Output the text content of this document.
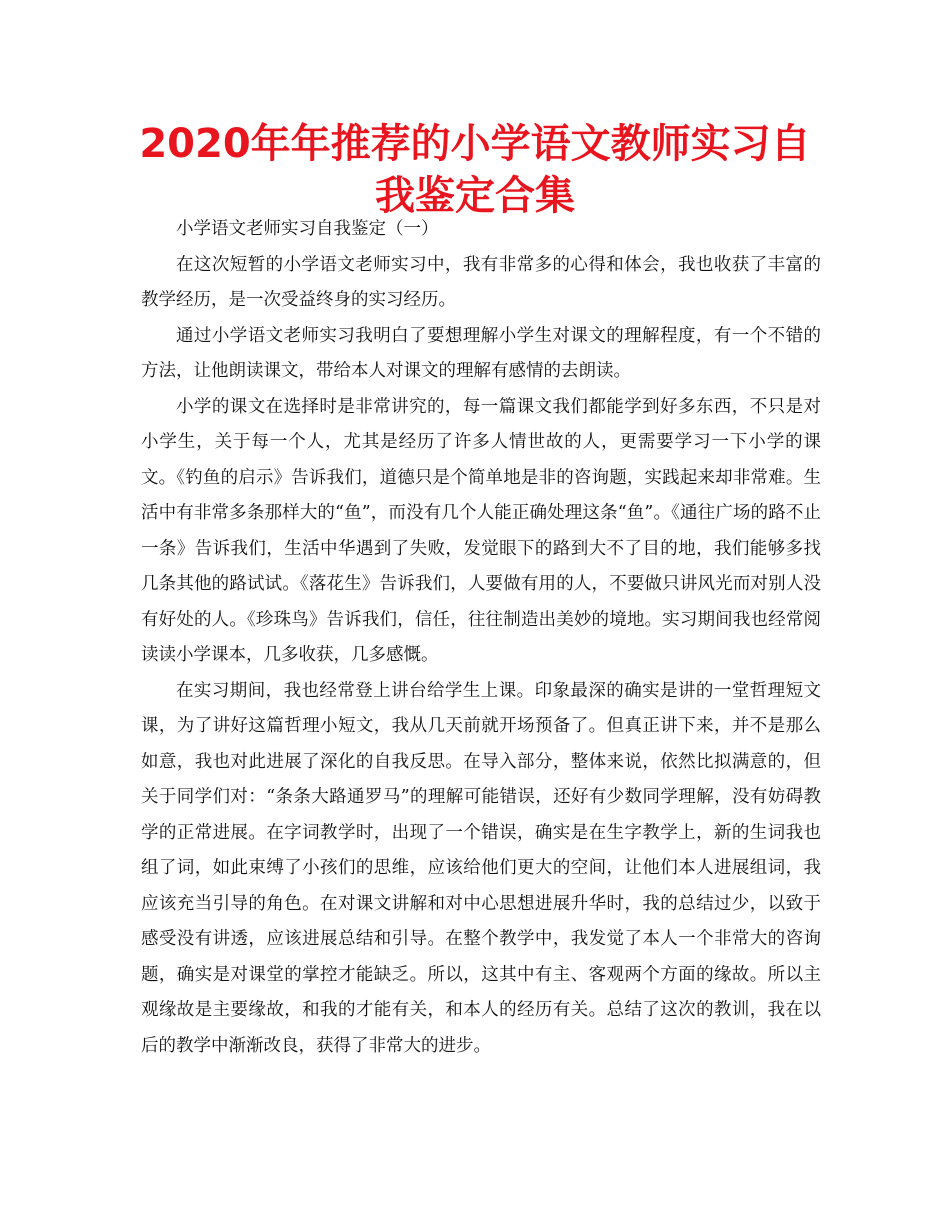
2020年年推荐的小学语文教师实习自我鉴定合集

小学语文老师实习自我鉴定（一）

在这次短暂的小学语文老师实习中，我有非常多的心得和体会，我也收获了丰富的教学经历，是一次受益终身的实习经历。

通过小学语文老师实习我明白了要想理解小学生对课文的理解程度，有一个不错的方法，让他朗读课文，带给本人对课文的理解有感情的去朗读。

小学的课文在选择时是非常讲究的，每一篇课文我们都能学到好多东西，不只是对小学生，关于每一个人，尤其是经历了许多人情世故的人，更需要学习一下小学的课文。《钓鱼的启示》告诉我们，道德只是个简单地是非的咨询题，实践起来却非常难。生活中有非常多条那样大的“鱼”，而没有几个人能正确处理这条“鱼”。《通往广场的路不止一条》告诉我们，生活中华遇到了失败，发觉眼下的路到大不了目的地，我们能够多找几条其他的路试试。《落花生》告诉我们，人要做有用的人，不要做只讲风光而对别人没有好处的人。《珍珠鸟》告诉我们，信任，往往制造出美妙的境地。实习期间我也经常阅读读小学课本，几多收获，几多感慨。

在实习期间，我也经常登上讲台给学生上课。印象最深的确实是讲的一堂哲理短文课，为了讲好这篇哲理小短文，我从几天前就开场预备了。但真正讲下来，并不是那么如意，我也对此进展了深化的自我反思。在导入部分，整体来说，依然比拟满意的，但关于同学们对：“条条大路通罗马”的理解可能错误，还好有少数同学理解，没有妨碍教学的正常进展。在字词教学时，出现了一个错误，确实是在生字教学上，新的生词我也组了词，如此束缚了小孩们的思维，应该给他们更大的空间，让他们本人进展组词，我应该充当引导的角色。在对课文讲解和对中心思想进展升华时，我的总结过少，以致于感受没有讲透，应该进展总结和引导。在整个教学中，我发觉了本人一个非常大的咨询题，确实是对课堂的掌控才能缺乏。所以，这其中有主、客观两个方面的缘故。所以主观缘故是主要缘故，和我的才能有关，和本人的经历有关。总结了这次的教训，我在以后的教学中渐渐改良，获得了非常大的进步。
